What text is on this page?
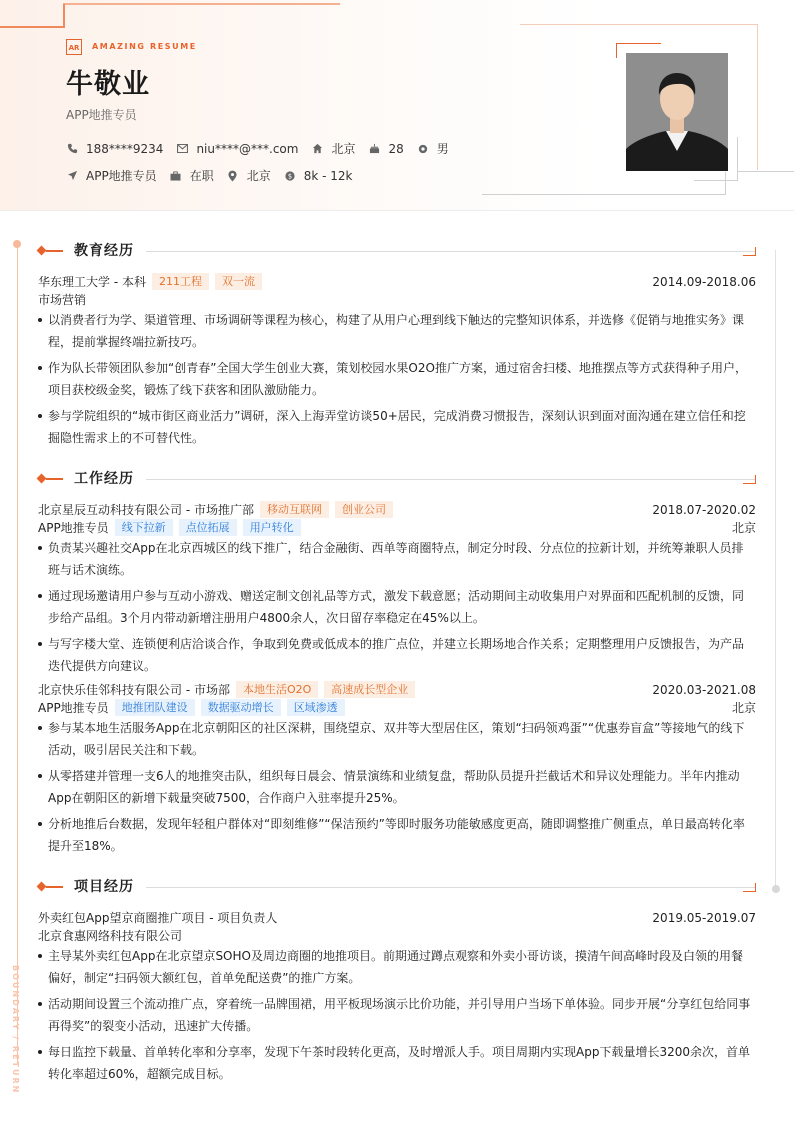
AR	AMAZING RESUME
牛敬业
APP地推专员
188****9234	niu****@***.com	北京	28	男
APP地推专员	在职	北京 $ 8k - 12k
BOUNDARY / RETURN
教育经历
华东理工大学 - 本科	211工程	双一流	2014.09-2018.06
市场营销
以消费者行为学、渠道管理、市场调研等课程为核心，构建了从用户心理到线下触达的完整知识体系，并选修《促销与地推实务》课程，提前掌握终端拉新技巧。
作为队长带领团队参加“创青春”全国大学生创业大赛，策划校园水果O2O推广方案，通过宿舍扫楼、地推摆点等方式获得种子用户，项目获校级金奖，锻炼了线下获客和团队激励能力。
参与学院组织的“城市街区商业活力”调研，深入上海弄堂访谈50+居民，完成消费习惯报告，深刻认识到面对面沟通在建立信任和挖掘隐性需求上的不可替代性。
工作经历
北京星辰互动科技有限公司 - 市场推广部	移动互联网	创业公司	2018.07-2020.02
APP地推专员	线下拉新	点位拓展	用户转化	北京
负责某兴趣社交App在北京西城区的线下推广，结合金融街、西单等商圈特点，制定分时段、分点位的拉新计划，并统筹兼职人员排班与话术演练。
通过现场邀请用户参与互动小游戏、赠送定制文创礼品等方式，激发下载意愿；活动期间主动收集用户对界面和匹配机制的反馈，同步给产品组。3个月内带动新增注册用户4800余人，次日留存率稳定在45%以上。
与写字楼大堂、连锁便利店洽谈合作，争取到免费或低成本的推广点位，并建立长期场地合作关系；定期整理用户反馈报告，为产品迭代提供方向建议。
北京快乐佳邻科技有限公司 - 市场部	本地生活O2O	高速成长型企业	2020.03-2021.08
APP地推专员	地推团队建设	数据驱动增长	区域渗透	北京
参与某本地生活服务App在北京朝阳区的社区深耕，围绕望京、双井等大型居住区，策划“扫码领鸡蛋”“优惠券盲盒”等接地气的线下活动，吸引居民关注和下载。
从零搭建并管理一支6人的地推突击队，组织每日晨会、情景演练和业绩复盘，帮助队员提升拦截话术和异议处理能力。半年内推动App在朝阳区的新增下载量突破7500，合作商户入驻率提升25%。
分析地推后台数据，发现年轻租户群体对“即刻维修”“保洁预约”等即时服务功能敏感度更高，随即调整推广侧重点，单日最高转化率提升至18%。
项目经历
外卖红包App望京商圈推广项目 - 项目负责人	2019.05-2019.07
北京食惠网络科技有限公司
主导某外卖红包App在北京望京SOHO及周边商圈的地推项目。前期通过蹲点观察和外卖小哥访谈，摸清午间高峰时段及白领的用餐偏好，制定“扫码领大额红包，首单免配送费”的推广方案。
活动期间设置三个流动推广点，穿着统一品牌围裙，用平板现场演示比价功能，并引导用户当场下单体验。同步开展“分享红包给同事再得奖”的裂变小活动，迅速扩大传播。
每日监控下载量、首单转化率和分享率，发现下午茶时段转化更高，及时增派人手。项目周期内实现App下载量增长3200余次，首单转化率超过60%，超额完成目标。
